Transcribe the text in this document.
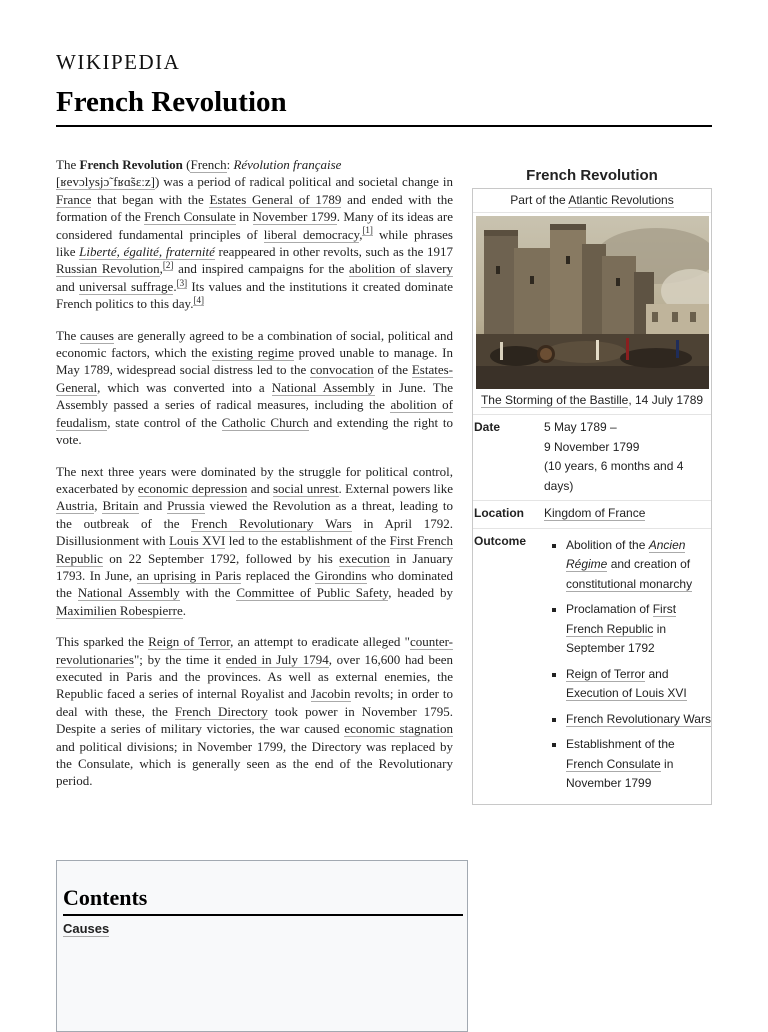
WIKIPEDIA
French Revolution

The French Revolution (French: Révolution française
[ʁevɔlysjɔ̃ fʁɑ̃sɛːz]) was a period of radical political and societal change in France that began with the Estates General of 1789 and ended with the formation of the French Consulate in November 1799. Many of its ideas are considered fundamental principles of liberal democracy,[1] while phrases like Liberté, égalité, fraternité reappeared in other revolts, such as the 1917 Russian Revolution,[2] and inspired campaigns for the abolition of slavery and universal suffrage.[3] Its values and the institutions it created dominate French politics to this day.[4]

The causes are generally agreed to be a combination of social, political and economic factors, which the existing regime proved unable to manage. In May 1789, widespread social distress led to the convocation of the Estates-General, which was converted into a National Assembly in June. The Assembly passed a series of radical measures, including the abolition of feudalism, state control of the Catholic Church and extending the right to vote.

The next three years were dominated by the struggle for political control, exacerbated by economic depression and social unrest. External powers like Austria, Britain and Prussia viewed the Revolution as a threat, leading to the outbreak of the French Revolutionary Wars in April 1792. Disillusionment with Louis XVI led to the establishment of the First French Republic on 22 September 1792, followed by his execution in January 1793. In June, an uprising in Paris replaced the Girondins who dominated the National Assembly with the Committee of Public Safety, headed by Maximilien Robespierre.

This sparked the Reign of Terror, an attempt to eradicate alleged "counter-revolutionaries"; by the time it ended in July 1794, over 16,600 had been executed in Paris and the provinces. As well as external enemies, the Republic faced a series of internal Royalist and Jacobin revolts; in order to deal with these, the French Directory took power in November 1795. Despite a series of military victories, the war caused economic stagnation and political divisions; in November 1799, the Directory was replaced by the Consulate, which is generally seen as the end of the Revolutionary period.

French Revolution
Part of the Atlantic Revolutions
The Storming of the Bastille, 14 July 1789
Date	5 May 1789 –
9 November 1799
(10 years, 6 months and 4 days)
Location	Kingdom of France
Outcome
▪	Abolition of the Ancien Régime and creation of constitutional monarchy
▪ Proclamation of First French Republic in September 1792
▪ Reign of Terror and Execution of Louis XVI
▪ French Revolutionary Wars
▪ Establishment of the French Consulate in November 1799
Contents
Causes
